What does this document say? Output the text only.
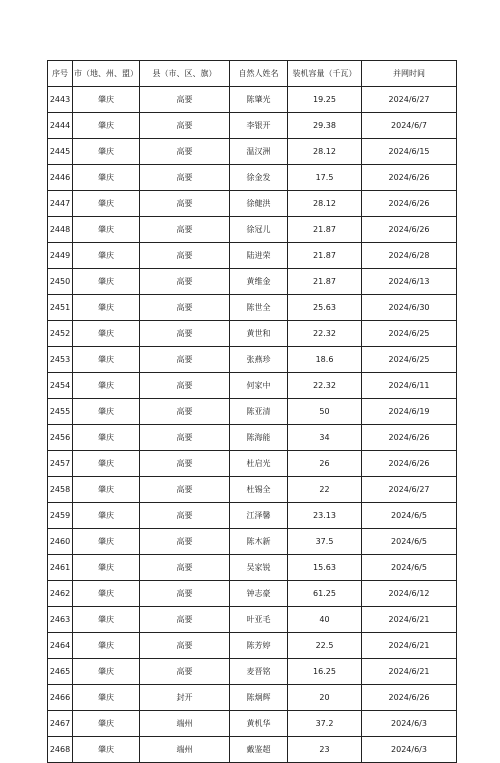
序号	市（地、州、盟）	县（市、区、旗）	自然人姓名	装机容量（千瓦）	并网时间
2443	肇庆	高要	陈肇光	19.25	2024/6/27
2444	肇庆	高要	李银开	29.38	2024/6/7
2445	肇庆	高要	温汉洲	28.12	2024/6/15
2446	肇庆	高要	徐金发	17.5	2024/6/26
2447	肇庆	高要	徐健洪	28.12	2024/6/26
2448	肇庆	高要	徐冠儿	21.87	2024/6/26
2449	肇庆	高要	陆进荣	21.87	2024/6/28
2450	肇庆	高要	黄维金	21.87	2024/6/13
2451	肇庆	高要	陈世全	25.63	2024/6/30
2452	肇庆	高要	黄世和	22.32	2024/6/25
2453	肇庆	高要	张燕珍	18.6	2024/6/25
2454	肇庆	高要	何家中	22.32	2024/6/11
2455	肇庆	高要	陈亚清	50	2024/6/19
2456	肇庆	高要	陈海能	34	2024/6/26
2457	肇庆	高要	杜启光	26	2024/6/26
2458	肇庆	高要	杜锡全	22	2024/6/27
2459	肇庆	高要	江泽馨	23.13	2024/6/5
2460	肇庆	高要	陈木新	37.5	2024/6/5
2461	肇庆	高要	吴家锐	15.63	2024/6/5
2462	肇庆	高要	钟志豪	61.25	2024/6/12
2463	肇庆	高要	叶亚毛	40	2024/6/21
2464	肇庆	高要	陈芳婷	22.5	2024/6/21
2465	肇庆	高要	麦晋铭	16.25	2024/6/21
2466	肇庆	封开	陈炯辉	20	2024/6/26
2467	肇庆	端州	黄机华	37.2	2024/6/3
2468	肇庆	端州	戴鉴超	23	2024/6/3
